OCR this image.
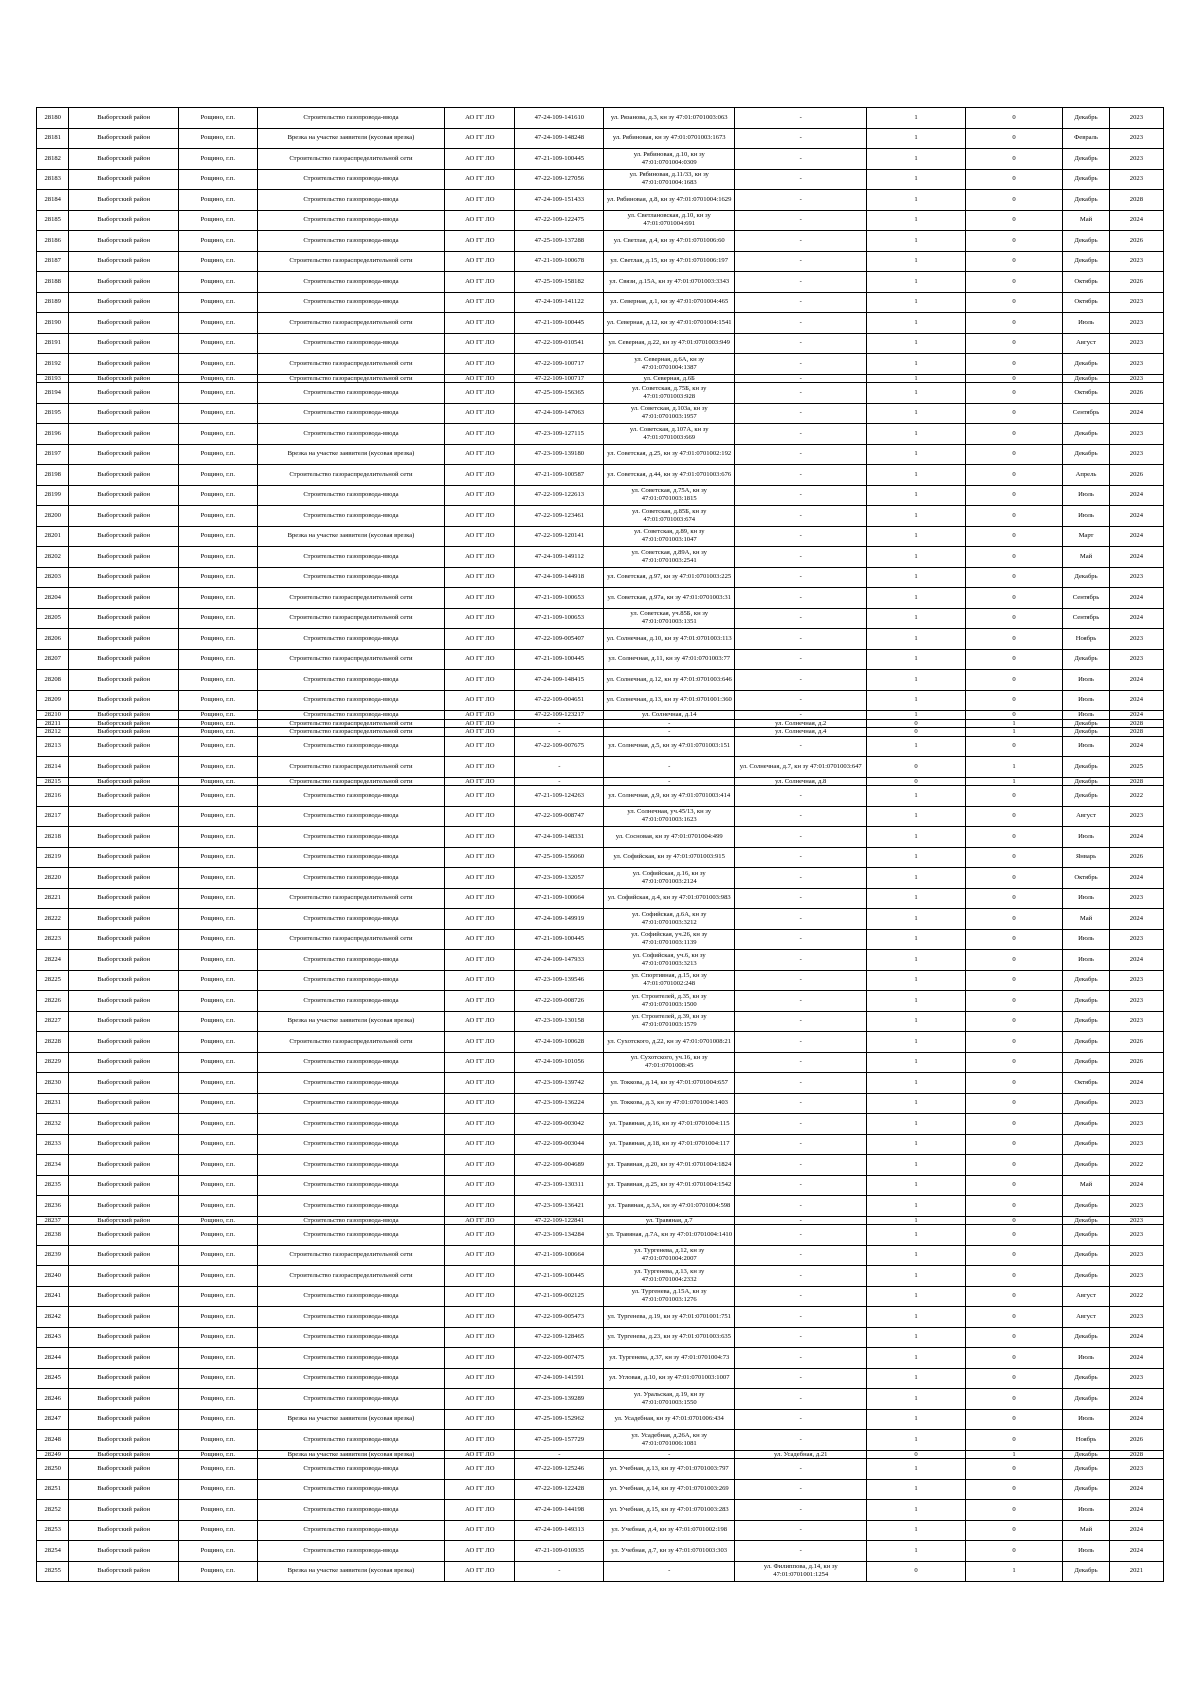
28180	Выборгский район	Рощино, г.п.	Строительство газопровода-ввода	АО ГГ ЛО	47-24-109-141610	ул. Рязанова, д.3, кн зу 47:01:0701003:063	-	1	0	Декабрь	2023
28181	Выборгский район	Рощино, г.п.	Врезка на участке заявителя (кусовая врезка)	АО ГГ ЛО	47-24-109-148248	ул. Рябиновая, кн зу 47:01:0701003:1673	-	1	0	Февраль	2023
28182	Выборгский район	Рощино, г.п.	Строительство газораспределительной сети	АО ГГ ЛО	47-21-109-100445	ул. Рябиновая, д.10, кн зу 47:01:0701004:0309	-	1	0	Декабрь	2023
28183	Выборгский район	Рощино, г.п.	Строительство газопровода-ввода	АО ГГ ЛО	47-22-109-127056	ул. Рябиновая, д.11/33, кн зу 47:01:0701004:1683	-	1	0	Декабрь	2023
28184	Выборгский район	Рощино, г.п.	Строительство газопровода-ввода	АО ГГ ЛО	47-24-109-151433	ул. Рябиновая, д.8, кн зу 47:01:0701004:1629	-	1	0	Декабрь	2028
28185	Выборгский район	Рощино, г.п.	Строительство газопровода-ввода	АО ГГ ЛО	47-22-109-122475	ул. Светлановская, д.10, кн зу 47:01:0701004:691	-	1	0	Май	2024
28186	Выборгский район	Рощино, г.п.	Строительство газопровода-ввода	АО ГГ ЛО	47-25-109-137288	ул. Светлая, д.4, кн зу 47:01:0701006:60	-	1	0	Декабрь	2026
28187	Выборгский район	Рощино, г.п.	Строительство газораспределительной сети	АО ГГ ЛО	47-21-109-100678	ул. Светлая, д.15, кн зу 47:01:0701006:197	-	1	0	Декабрь	2023
28188	Выборгский район	Рощино, г.п.	Строительство газопровода-ввода	АО ГГ ЛО	47-25-109-158182	ул. Связи, д.15А, кн зу 47:01:0701003:3343	-	1	0	Октябрь	2026
28189	Выборгский район	Рощино, г.п.	Строительство газопровода-ввода	АО ГГ ЛО	47-24-109-141122	ул. Северная, д.1, кн зу 47:01:0701004:465	-	1	0	Октябрь	2023
28190	Выборгский район	Рощино, г.п.	Строительство газораспределительной сети	АО ГГ ЛО	47-21-109-100445	ул. Северная, д.12, кн зу 47:01:0701004:1541	-	1	0	Июль	2023
28191	Выборгский район	Рощино, г.п.	Строительство газопровода-ввода	АО ГГ ЛО	47-22-109-010541	ул. Северная, д.22, кн зу 47:01:0701003:949	-	1	0	Август	2023
28192	Выборгский район	Рощино, г.п.	Строительство газораспределительной сети	АО ГГ ЛО	47-22-109-100717	ул. Северная, д.6А, кн зу 47:01:0701004:1387	-	1	0	Декабрь	2023
28193	Выборгский район	Рощино, г.п.	Строительство газораспределительной сети	АО ГГ ЛО	47-22-109-100717	ул. Северная, д.6Б	-	1	0	Декабрь	2023
28194	Выборгский район	Рощино, г.п.	Строительство газопровода-ввода	АО ГГ ЛО	47-25-109-156365	ул. Советская, д.75Б, кн зу 47:01:0701003:928	-	1	0	Октябрь	2026
28195	Выборгский район	Рощино, г.п.	Строительство газопровода-ввода	АО ГГ ЛО	47-24-109-147063	ул. Советская, д.103а, кн зу 47:01:0701003:1957	-	1	0	Сентябрь	2024
28196	Выборгский район	Рощино, г.п.	Строительство газопровода-ввода	АО ГГ ЛО	47-23-109-127115	ул. Советская, д.107А, кн зу 47:01:0701003:669	-	1	0	Декабрь	2023
28197	Выборгский район	Рощино, г.п.	Врезка на участке заявителя (кусовая врезка)	АО ГГ ЛО	47-23-109-139180	ул. Советская, д.25, кн зу 47:01:0701002:192	-	1	0	Декабрь	2023
28198	Выборгский район	Рощино, г.п.	Строительство газораспределительной сети	АО ГГ ЛО	47-21-109-100587	ул. Советская, д.44, кн зу 47:01:0701003:676	-	1	0	Апрель	2026
28199	Выборгский район	Рощино, г.п.	Строительство газопровода-ввода	АО ГГ ЛО	47-22-109-122613	ул. Советская, д.75А, кн зу 47:01:0701003:1815	-	1	0	Июль	2024
28200	Выборгский район	Рощино, г.п.	Строительство газопровода-ввода	АО ГГ ЛО	47-22-109-123461	ул. Советская, д.85Б, кн зу 47:01:0701003:674	-	1	0	Июль	2024
28201	Выборгский район	Рощино, г.п.	Врезка на участке заявителя (кусовая врезка)	АО ГГ ЛО	47-22-109-120141	ул. Советская, д.89, кн зу 47:01:0701003:1047	-	1	0	Март	2024
28202	Выборгский район	Рощино, г.п.	Строительство газопровода-ввода	АО ГГ ЛО	47-24-109-149112	ул. Советская, д.89А, кн зу 47:01:0701003:2541	-	1	0	Май	2024
28203	Выборгский район	Рощино, г.п.	Строительство газопровода-ввода	АО ГГ ЛО	47-24-109-144918	ул. Советская, д.97, кн зу 47:01:0701003:225	-	1	0	Декабрь	2023
28204	Выборгский район	Рощино, г.п.	Строительство газораспределительной сети	АО ГГ ЛО	47-21-109-100653	ул. Советская, д.97а, кн зу 47:01:0701003:31	-	1	0	Сентябрь	2024
28205	Выборгский район	Рощино, г.п.	Строительство газораспределительной сети	АО ГГ ЛО	47-21-109-100653	ул. Советская, уч.85Б, кн зу 47:01:0701003:1351	-	1	0	Сентябрь	2024
28206	Выборгский район	Рощино, г.п.	Строительство газопровода-ввода	АО ГГ ЛО	47-22-109-005407	ул. Солнечная, д.10, кн зу 47:01:0701003:113	-	1	0	Ноябрь	2023
28207	Выборгский район	Рощино, г.п.	Строительство газораспределительной сети	АО ГГ ЛО	47-21-109-100445	ул. Солнечная, д.11, кн зу 47:01:0701003:77	-	1	0	Декабрь	2023
28208	Выборгский район	Рощино, г.п.	Строительство газопровода-ввода	АО ГГ ЛО	47-24-109-148415	ул. Солнечная, д.12, кн зу 47:01:0701003:646	-	1	0	Июль	2024
28209	Выборгский район	Рощино, г.п.	Строительство газопровода-ввода	АО ГГ ЛО	47-22-109-004651	ул. Солнечная, д.13, кн зу 47:01:0701001:360	-	1	0	Июль	2024
28210	Выборгский район	Рощино, г.п.	Строительство газопровода-ввода	АО ГГ ЛО	47-22-109-123217	ул. Солнечная, д.14	-	1	0	Июль	2024
28211	Выборгский район	Рощино, г.п.	Строительство газораспределительной сети	АО ГГ ЛО	-	-	ул. Солнечная, д.2	0	1	Декабрь	2028
28212	Выборгский район	Рощино, г.п.	Строительство газораспределительной сети	АО ГГ ЛО	-	-	ул. Солнечная, д.4	0	1	Декабрь	2028
28213	Выборгский район	Рощино, г.п.	Строительство газопровода-ввода	АО ГГ ЛО	47-22-109-007675	ул. Солнечная, д.5, кн зу 47:01:0701003:151	-	1	0	Июль	2024
28214	Выборгский район	Рощино, г.п.	Строительство газораспределительной сети	АО ГГ ЛО	-	-	ул. Солнечная, д.7, кн зу 47:01:0701003:647	0	1	Декабрь	2025
28215	Выборгский район	Рощино, г.п.	Строительство газораспределительной сети	АО ГГ ЛО	-	-	ул. Солнечная, д.8	0	1	Декабрь	2028
28216	Выборгский район	Рощино, г.п.	Строительство газопровода-ввода	АО ГГ ЛО	47-21-109-124263	ул. Солнечная, д.9, кн зу 47:01:0701003:414	-	1	0	Декабрь	2022
28217	Выборгский район	Рощино, г.п.	Строительство газопровода-ввода	АО ГГ ЛО	47-22-109-008747	ул. Солнечная, уч.45/13, кн зу 47:01:0701003:1623	-	1	0	Август	2023
28218	Выборгский район	Рощино, г.п.	Строительство газопровода-ввода	АО ГГ ЛО	47-24-109-148331	ул. Сосновая, кн зу 47:01:0701004:499	-	1	0	Июль	2024
28219	Выборгский район	Рощино, г.п.	Строительство газопровода-ввода	АО ГГ ЛО	47-25-109-156060	ул. Софийская, кн зу 47:01:0701003:915	-	1	0	Январь	2026
28220	Выборгский район	Рощино, г.п.	Строительство газопровода-ввода	АО ГГ ЛО	47-23-109-132057	ул. Софийская, д.16, кн зу 47:01:0701003:2124	-	1	0	Октябрь	2024
28221	Выборгский район	Рощино, г.п.	Строительство газораспределительной сети	АО ГГ ЛО	47-21-109-100664	ул. Софийская, д.4, кн зу 47:01:0701003:983	-	1	0	Июль	2023
28222	Выборгский район	Рощино, г.п.	Строительство газопровода-ввода	АО ГГ ЛО	47-24-109-149919	ул. Софийская, д.6А, кн зу 47:01:0701003:3212	-	1	0	Май	2024
28223	Выборгский район	Рощино, г.п.	Строительство газораспределительной сети	АО ГГ ЛО	47-21-109-100445	ул. Софийская, уч.26, кн зу 47:01:0701003:1139	-	1	0	Июль	2023
28224	Выборгский район	Рощино, г.п.	Строительство газопровода-ввода	АО ГГ ЛО	47-24-109-147933	ул. Софийская, уч.6, кн зу 47:01:0701003:3213	-	1	0	Июль	2024
28225	Выборгский район	Рощино, г.п.	Строительство газопровода-ввода	АО ГГ ЛО	47-23-109-139546	ул. Спортивная, д.15, кн зу 47:01:0701002:248	-	1	0	Декабрь	2023
28226	Выборгский район	Рощино, г.п.	Строительство газопровода-ввода	АО ГГ ЛО	47-22-109-008726	ул. Строителей, д.35, кн зу 47:01:0701003:1500	-	1	0	Декабрь	2023
28227	Выборгский район	Рощино, г.п.	Врезка на участке заявителя (кусовая врезка)	АО ГГ ЛО	47-23-109-130158	ул. Строителей, д.39, кн зу 47:01:0701003:1579	-	1	0	Декабрь	2023
28228	Выборгский район	Рощино, г.п.	Строительство газораспределительной сети	АО ГГ ЛО	47-24-109-100628	ул. Сухотского, д.22, кн зу 47:01:0701008:21	-	1	0	Декабрь	2026
28229	Выборгский район	Рощино, г.п.	Строительство газопровода-ввода	АО ГГ ЛО	47-24-109-101056	ул. Сухотского, уч.16, кн зу 47:01:0701008:45	-	1	0	Декабрь	2026
28230	Выборгский район	Рощино, г.п.	Строительство газопровода-ввода	АО ГГ ЛО	47-23-109-139742	ул. Токкова, д.14, кн зу 47:01:0701004:657	-	1	0	Октябрь	2024
28231	Выборгский район	Рощино, г.п.	Строительство газопровода-ввода	АО ГГ ЛО	47-23-109-136224	ул. Токкова, д.3, кн зу 47:01:0701004:1403	-	1	0	Декабрь	2023
28232	Выборгский район	Рощино, г.п.	Строительство газопровода-ввода	АО ГГ ЛО	47-22-109-003042	ул. Травяная, д.16, кн зу 47:01:0701004:115	-	1	0	Декабрь	2023
28233	Выборгский район	Рощино, г.п.	Строительство газопровода-ввода	АО ГГ ЛО	47-22-109-003044	ул. Травяная, д.18, кн зу 47:01:0701004:117	-	1	0	Декабрь	2023
28234	Выборгский район	Рощино, г.п.	Строительство газопровода-ввода	АО ГГ ЛО	47-22-109-004689	ул. Травяная, д.20, кн зу 47:01:0701004:1824	-	1	0	Декабрь	2022
28235	Выборгский район	Рощино, г.п.	Строительство газопровода-ввода	АО ГГ ЛО	47-23-109-130311	ул. Травяная, д.25, кн зу 47:01:0701004:1542	-	1	0	Май	2024
28236	Выборгский район	Рощино, г.п.	Строительство газопровода-ввода	АО ГГ ЛО	47-23-109-136421	ул. Травяная, д.3А, кн зу 47:01:0701004:598	-	1	0	Декабрь	2023
28237	Выборгский район	Рощино, г.п.	Строительство газопровода-ввода	АО ГГ ЛО	47-22-109-122841	ул. Травяная, д.7	-	1	0	Декабрь	2023
28238	Выборгский район	Рощино, г.п.	Строительство газопровода-ввода	АО ГГ ЛО	47-23-109-134284	ул. Травяная, д.7А, кн зу 47:01:0701004:1410	-	1	0	Декабрь	2023
28239	Выборгский район	Рощино, г.п.	Строительство газораспределительной сети	АО ГГ ЛО	47-21-109-100664	ул. Тургенева, д.12, кн зу 47:01:0701004:2007	-	1	0	Декабрь	2023
28240	Выборгский район	Рощино, г.п.	Строительство газораспределительной сети	АО ГГ ЛО	47-21-109-100445	ул. Тургенева, д.13, кн зу 47:01:0701004:2332	-	1	0	Декабрь	2023
28241	Выборгский район	Рощино, г.п.	Строительство газопровода-ввода	АО ГГ ЛО	47-21-109-002125	ул. Тургенева, д.15А, кн зу 47:01:0701003:1276	-	1	0	Август	2022
28242	Выборгский район	Рощино, г.п.	Строительство газопровода-ввода	АО ГГ ЛО	47-22-109-005473	ул. Тургенева, д.19, кн зу 47:01:0701001:751	-	1	0	Август	2023
28243	Выборгский район	Рощино, г.п.	Строительство газопровода-ввода	АО ГГ ЛО	47-22-109-128465	ул. Тургенева, д.23, кн зу 47:01:0701003:635	-	1	0	Декабрь	2024
28244	Выборгский район	Рощино, г.п.	Строительство газопровода-ввода	АО ГГ ЛО	47-22-109-007475	ул. Тургенева, д.37, кн зу 47:01:0701004:73	-	1	0	Июль	2024
28245	Выборгский район	Рощино, г.п.	Строительство газопровода-ввода	АО ГГ ЛО	47-24-109-141591	ул. Угловая, д.10, кн зу 47:01:0701003:1007	-	1	0	Декабрь	2023
28246	Выборгский район	Рощино, г.п.	Строительство газопровода-ввода	АО ГГ ЛО	47-23-109-139289	ул. Уральская, д.19, кн зу 47:01:0701003:1550	-	1	0	Декабрь	2024
28247	Выборгский район	Рощино, г.п.	Врезка на участке заявителя (кусовая врезка)	АО ГГ ЛО	47-25-109-152962	ул. Усадебная, кн зу 47:01:0701006:434	-	1	0	Июль	2024
28248	Выборгский район	Рощино, г.п.	Строительство газопровода-ввода	АО ГГ ЛО	47-25-109-157729	ул. Усадебная, д.26А, кн зу 47:01:0701006:1081	-	1	0	Ноябрь	2026
28249	Выборгский район	Рощино, г.п.	Врезка на участке заявителя (кусовая врезка)	АО ГГ ЛО	-	-	ул. Усадебная, д.21	0	1	Декабрь	2028
28250	Выборгский район	Рощино, г.п.	Строительство газопровода-ввода	АО ГГ ЛО	47-22-109-125246	ул. Учебная, д.13, кн зу 47:01:0701003:797	-	1	0	Декабрь	2023
28251	Выборгский район	Рощино, г.п.	Строительство газопровода-ввода	АО ГГ ЛО	47-22-109-122428	ул. Учебная, д.14, кн зу 47:01:0701003:269	-	1	0	Декабрь	2024
28252	Выборгский район	Рощино, г.п.	Строительство газопровода-ввода	АО ГГ ЛО	47-24-109-144198	ул. Учебная, д.15, кн зу 47:01:0701003:283	-	1	0	Июль	2024
28253	Выборгский район	Рощино, г.п.	Строительство газопровода-ввода	АО ГГ ЛО	47-24-109-149313	ул. Учебная, д.4, кн зу 47:01:0701002:198	-	1	0	Май	2024
28254	Выборгский район	Рощино, г.п.	Строительство газопровода-ввода	АО ГГ ЛО	47-21-109-010935	ул. Учебная, д.7, кн зу 47:01:0701003:303	-	1	0	Июль	2024
28255	Выборгский район	Рощино, г.п.	Врезка на участке заявителя (кусовая врезка)	АО ГГ ЛО	-	-	ул. Филиппова, д.14, кн зу 47:01:0701001:1254	0	1	Декабрь	2021
